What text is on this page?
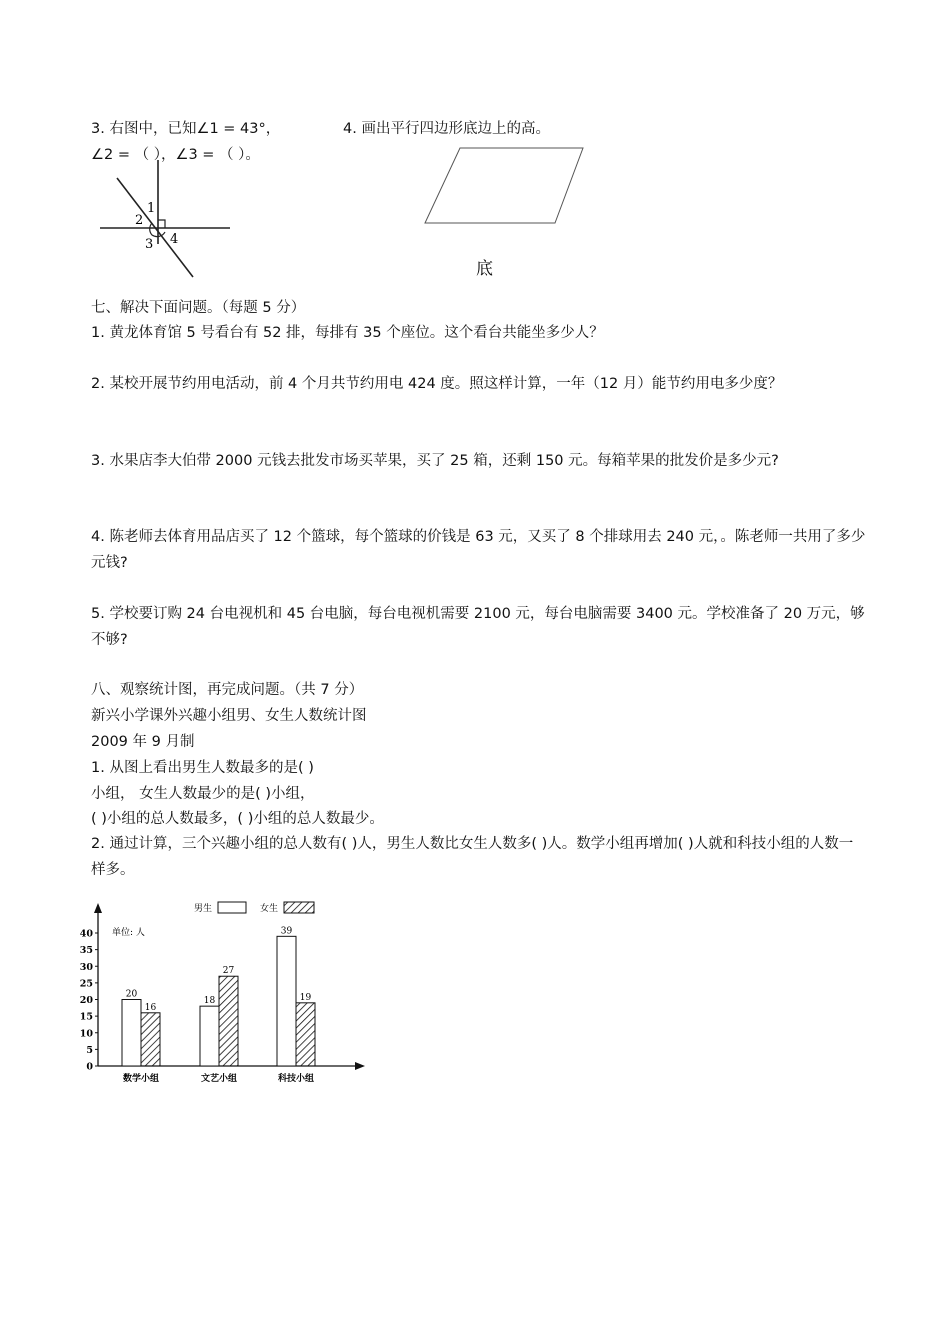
3. 右图中，已知∠1 = 43°，
∠2 = （ ），∠3 = （ ）。
1
2
3 4
4. 画出平行四边形底边上的高。
底
七、解决下面问题。（每题 5 分）
1. 黄龙体育馆 5 号看台有 52 排，每排有 35 个座位。这个看台共能坐多少人？
2. 某校开展节约用电活动，前 4 个月共节约用电 424 度。照这样计算，一年（12 月）能节约用电多少度？
3. 水果店李大伯带 2000 元钱去批发市场买苹果，买了 25 箱，还剩 150 元。每箱苹果的批发价是多少元?
4. 陈老师去体育用品店买了 12 个篮球，每个篮球的价钱是 63 元，又买了 8 个排球用去 240 元，。陈老师一共用了多少元钱?
5. 学校要订购 24 台电视机和 45 台电脑，每台电视机需要 2100 元，每台电脑需要 3400 元。学校准备了 20 万元，够不够?
八、观察统计图，再完成问题。（共 7 分）
新兴小学课外兴趣小组男、女生人数统计图
2009 年 9 月制
1. 从图上看出男生人数最多的是( )
小组， 女生人数最少的是( )小组，
( )小组的总人数最多，( )小组的总人数最少。
2. 通过计算，三个兴趣小组的总人数有( )人，男生人数比女生人数多( )人。数学小组再增加( )人就和科技小组的人数一样多。
单位: 人
男生	女生
0
5
10
15
20
25
30
35
40
20
16
数学小组
18
27
文艺小组
39
19
科技小组
